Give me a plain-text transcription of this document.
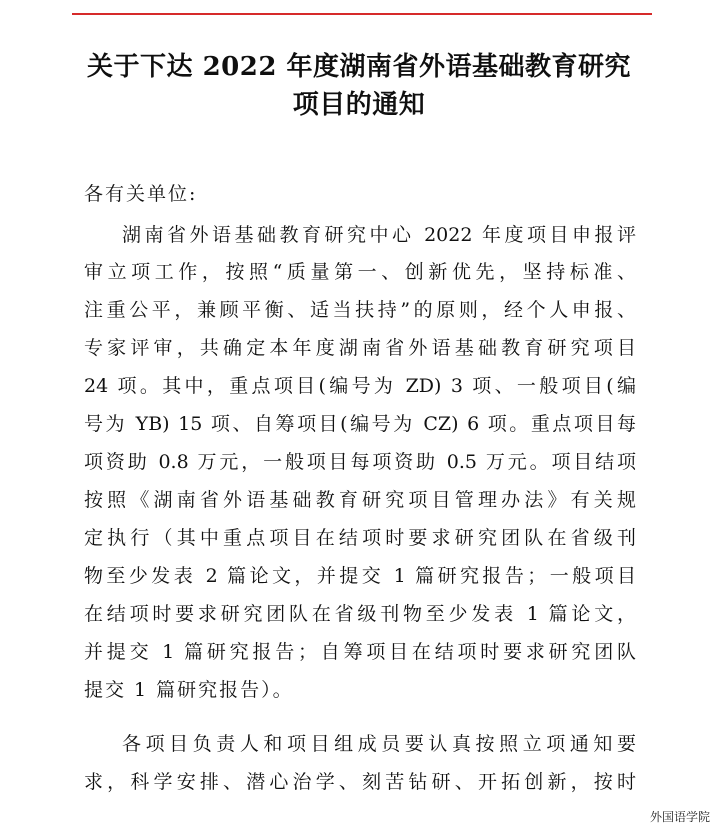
关于下达 2022 年度湖南省外语基础教育研究
项目的通知
各有关单位:
湖南省外语基础教育研究中心 2022 年度项目申报评
审立项工作，按照“质量第一、创新优先，坚持标准、
注重公平，兼顾平衡、适当扶持”的原则，经个人申报、
专家评审，共确定本年度湖南省外语基础教育研究项目
24 项。其中，重点项目(编号为 ZD) 3 项、一般项目(编
号为 YB) 15 项、自筹项目(编号为 CZ) 6 项。重点项目每
项资助 0.8 万元，一般项目每项资助 0.5 万元。项目结项
按照《湖南省外语基础教育研究项目管理办法》有关规
定执行（其中重点项目在结项时要求研究团队在省级刊
物至少发表 2 篇论文，并提交 1 篇研究报告；一般项目
在结项时要求研究团队在省级刊物至少发表 1 篇论文，
并提交 1 篇研究报告；自筹项目在结项时要求研究团队
提交 1 篇研究报告）。
各项目负责人和项目组成员要认真按照立项通知要
求，科学安排、潜心治学、刻苦钻研、开拓创新，按时
外国语学院
